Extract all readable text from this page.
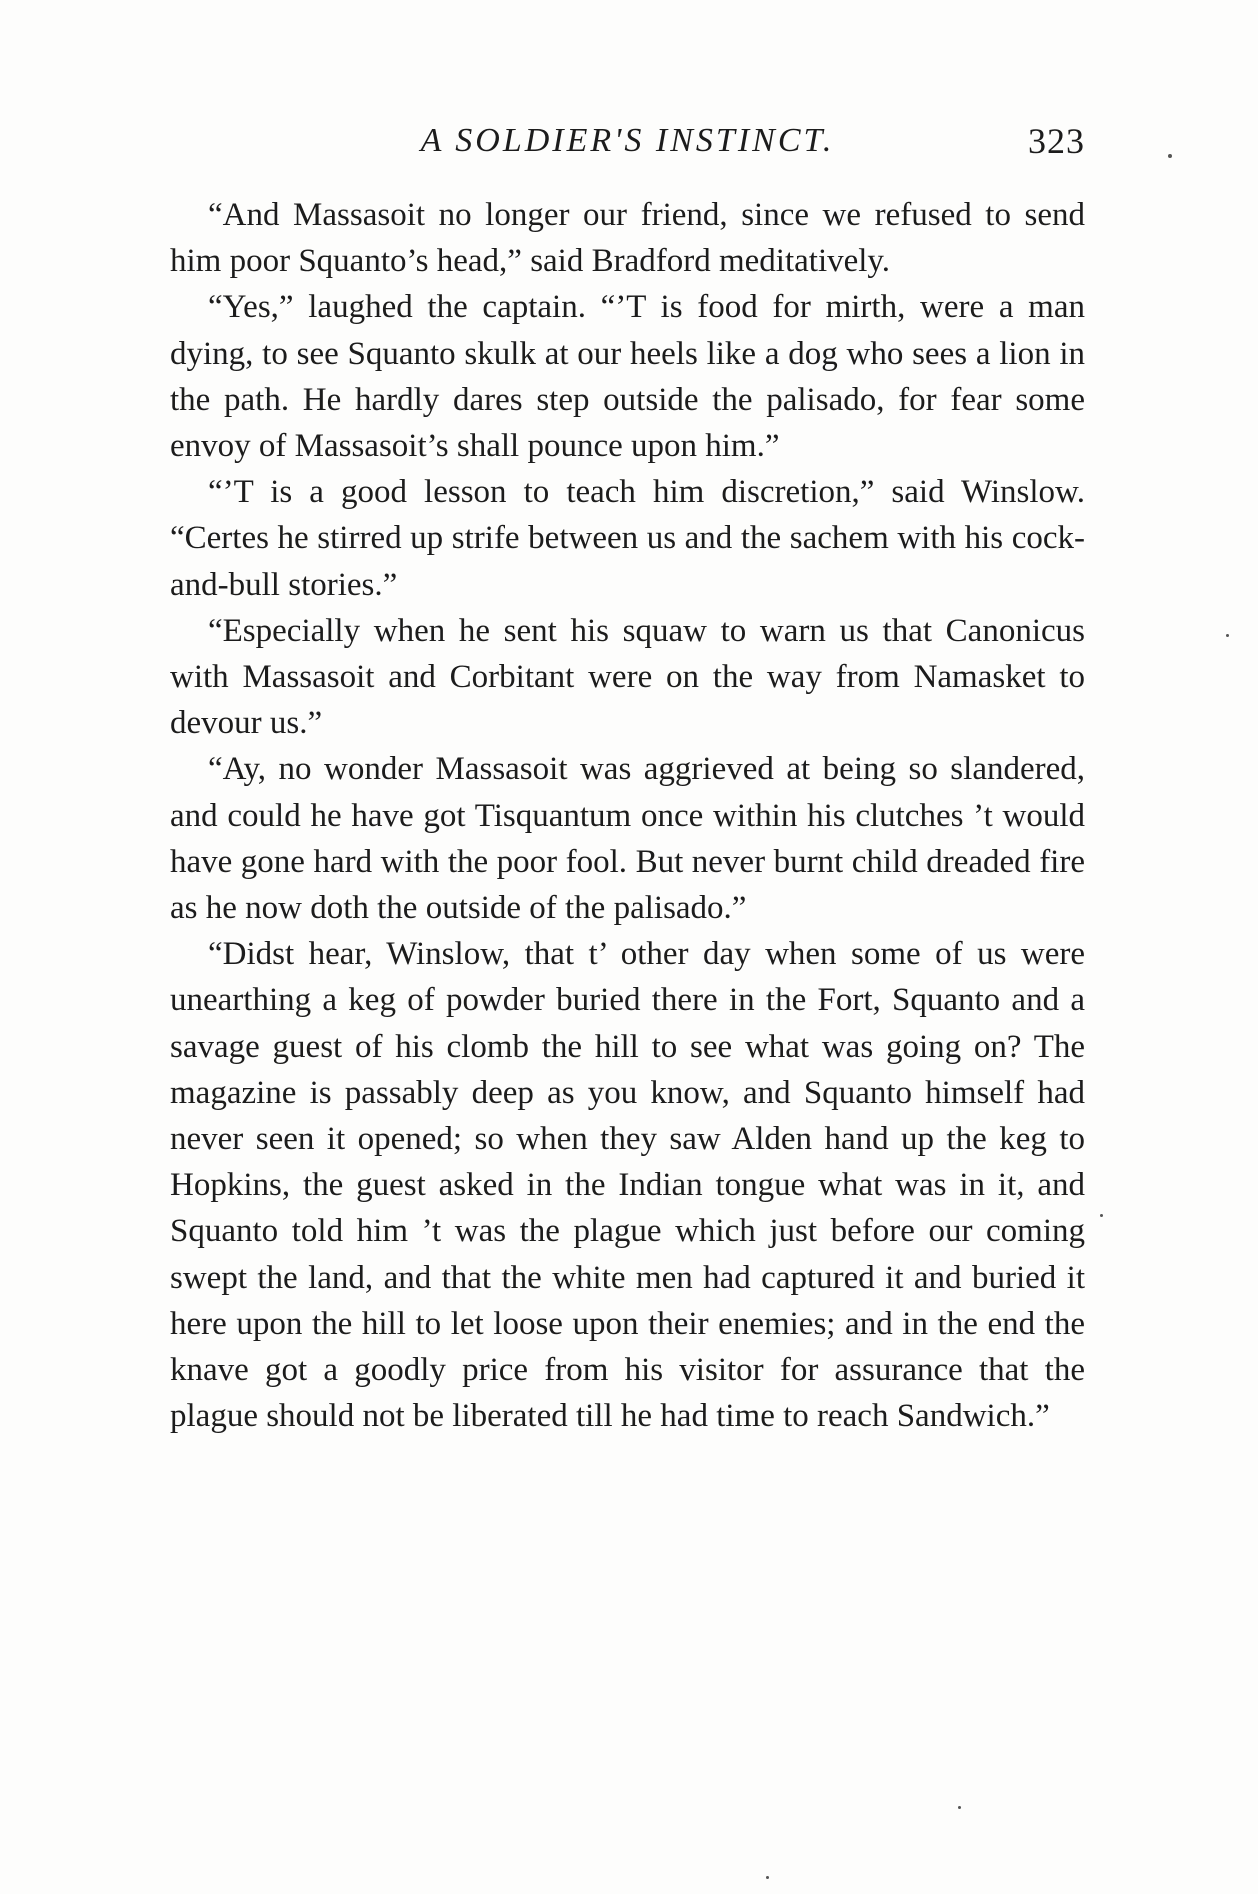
A SOLDIER'S INSTINCT.	323

“And Massasoit no longer our friend, since we refused to send him poor Squanto’s head,” said Bradford meditatively.

“Yes,” laughed the captain. “’T is food for mirth, were a man dying, to see Squanto skulk at our heels like a dog who sees a lion in the path. He hardly dares step outside the palisado, for fear some envoy of Massasoit’s shall pounce upon him.”

“’T is a good lesson to teach him discretion,” said Winslow. “Certes he stirred up strife between us and the sachem with his cock-and-bull stories.”

“Especially when he sent his squaw to warn us that Canonicus with Massasoit and Corbitant were on the way from Namasket to devour us.”

“Ay, no wonder Massasoit was aggrieved at being so slandered, and could he have got Tisquantum once within his clutches ’t would have gone hard with the poor fool. But never burnt child dreaded fire as he now doth the outside of the palisado.”

“Didst hear, Winslow, that t’ other day when some of us were unearthing a keg of powder buried there in the Fort, Squanto and a savage guest of his clomb the hill to see what was going on? The magazine is passably deep as you know, and Squanto himself had never seen it opened; so when they saw Alden hand up the keg to Hopkins, the guest asked in the Indian tongue what was in it, and Squanto told him ’t was the plague which just before our coming swept the land, and that the white men had captured it and buried it here upon the hill to let loose upon their enemies; and in the end the knave got a goodly price from his visitor for assurance that the plague should not be liberated till he had time to reach Sandwich.”
